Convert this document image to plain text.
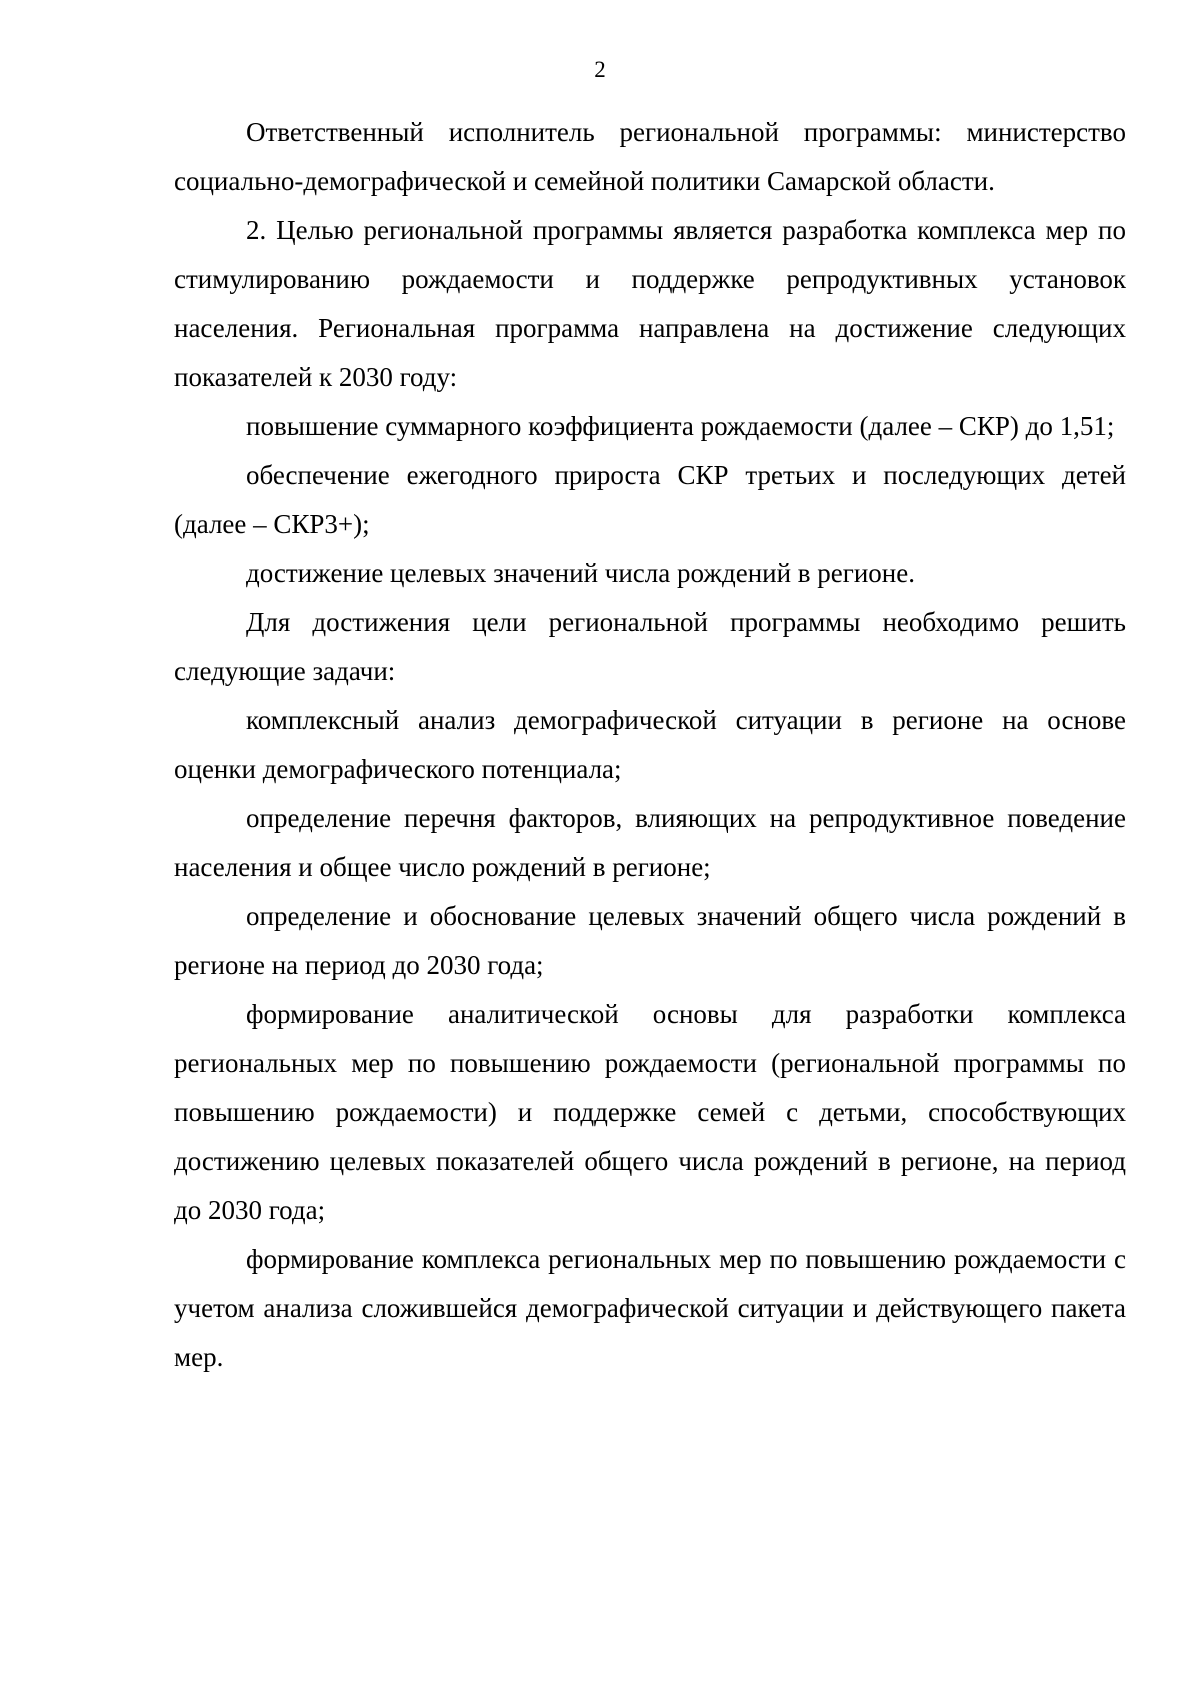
2

Ответственный исполнитель региональной программы: министерство социально-демографической и семейной политики Самарской области.

2. Целью региональной программы является разработка комплекса мер по стимулированию рождаемости и поддержке репродуктивных установок населения. Региональная программа направлена на достижение следующих показателей к 2030 году:

повышение суммарного коэффициента рождаемости (далее – СКР) до 1,51;

обеспечение ежегодного прироста СКР третьих и последующих детей (далее – СКР3+);

достижение целевых значений числа рождений в регионе.

Для достижения цели региональной программы необходимо решить следующие задачи:

комплексный анализ демографической ситуации в регионе на основе оценки демографического потенциала;

определение перечня факторов, влияющих на репродуктивное поведение населения и общее число рождений в регионе;

определение и обоснование целевых значений общего числа рождений в регионе на период до 2030 года;

формирование аналитической основы для разработки комплекса региональных мер по повышению рождаемости (региональной программы по повышению рождаемости) и поддержке семей с детьми, способствующих достижению целевых показателей общего числа рождений в регионе, на период до 2030 года;

формирование комплекса региональных мер по повышению рождаемости с учетом анализа сложившейся демографической ситуации и действующего пакета мер.
